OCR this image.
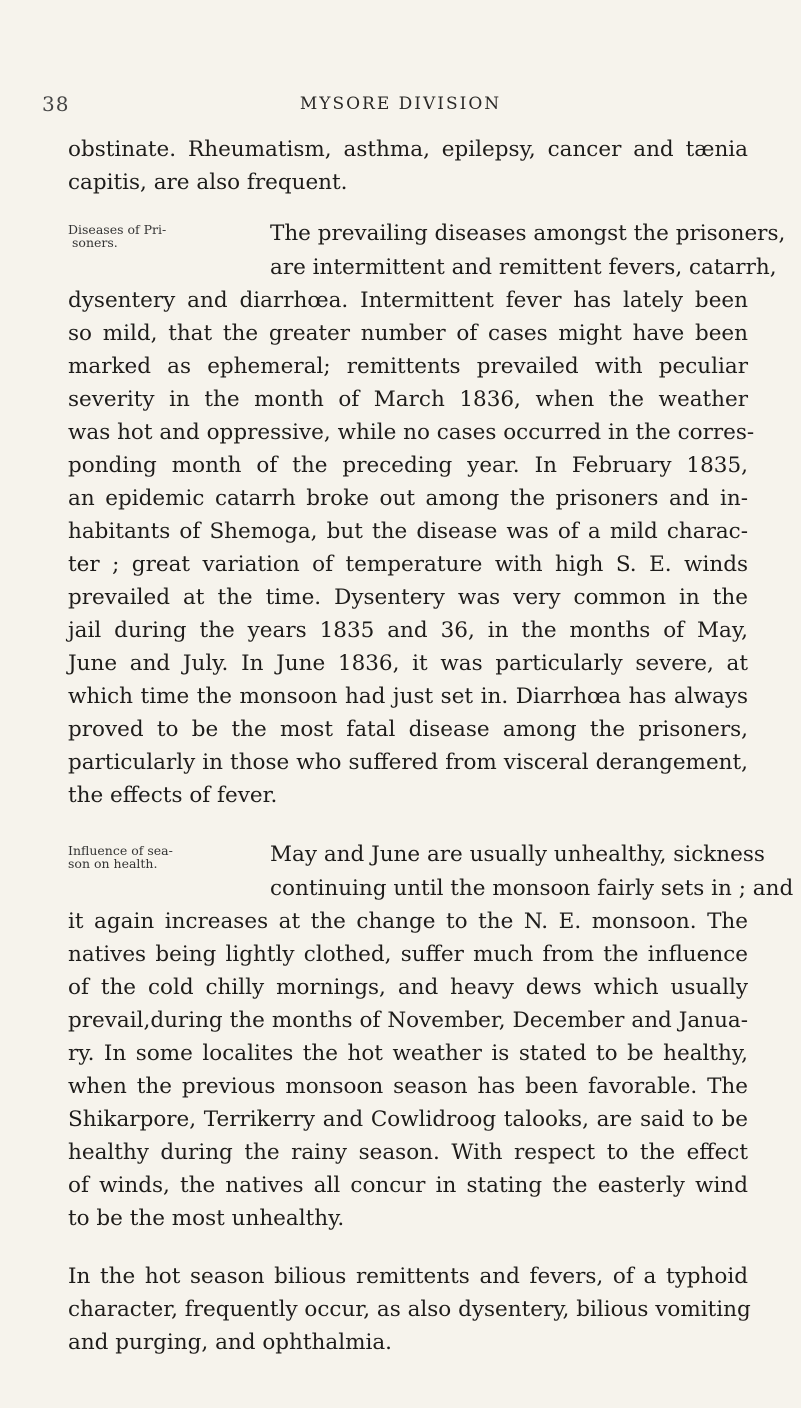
38	MYSORE DIVISION
obstinate. Rheumatism, asthma, epilepsy, cancer and tænia
capitis, are also frequent.
Diseases of Pri-
soners.	The prevailing diseases amongst the prisoners,
are intermittent and remittent fevers, catarrh,
dysentery and diarrhœa. Intermittent fever has lately been
so mild, that the greater number of cases might have been
marked as ephemeral; remittents prevailed with peculiar
severity in the month of March 1836, when the weather
was hot and oppressive, while no cases occurred in the corres-
ponding month of the preceding year. In February 1835,
an epidemic catarrh broke out among the prisoners and in-
habitants of Shemoga, but the disease was of a mild charac-
ter ; great variation of temperature with high S. E. winds
prevailed at the time. Dysentery was very common in the
jail during the years 1835 and 36, in the months of May,
June and July. In June 1836, it was particularly severe, at
which time the monsoon had just set in. Diarrhœa has always
proved to be the most fatal disease among the prisoners,
particularly in those who suffered from visceral derangement,
the effects of fever.
Influence of sea-
son on health.	May and June are usually unhealthy, sickness
continuing until the monsoon fairly sets in ; and
it again increases at the change to the N. E. monsoon. The
natives being lightly clothed, suffer much from the influence
of the cold chilly mornings, and heavy dews which usually
prevail,during the months of November, December and Janua-
ry. In some localites the hot weather is stated to be healthy,
when the previous monsoon season has been favorable. The
Shikarpore, Terrikerry and Cowlidroog talooks, are said to be
healthy during the rainy season. With respect to the effect
of winds, the natives all concur in stating the easterly wind
to be the most unhealthy.
In the hot season bilious remittents and fevers, of a typhoid
character, frequently occur, as also dysentery, bilious vomiting
and purging, and ophthalmia.
